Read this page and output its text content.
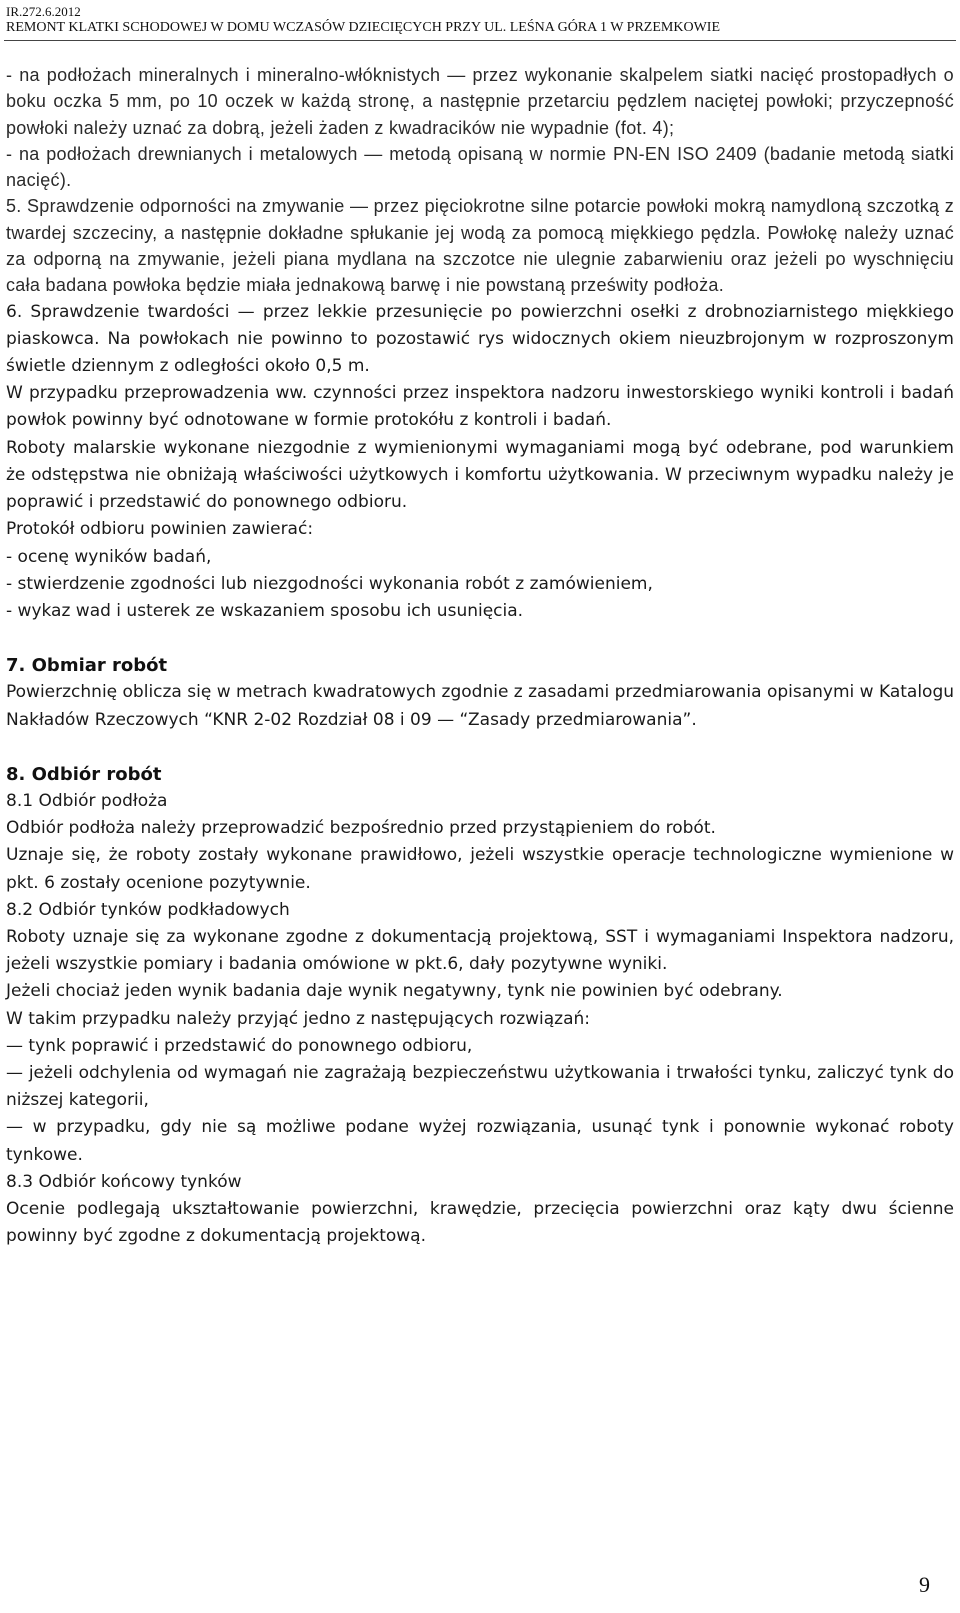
IR.272.6.2012
REMONT KLATKI SCHODOWEJ W DOMU WCZASÓW DZIECIĘCYCH PRZY UL. LEŚNA GÓRA 1 W PRZEMKOWIE

- na podłożach mineralnych i mineralno-włóknistych — przez wykonanie skalpelem siatki nacięć prostopadłych o boku oczka 5 mm, po 10 oczek w każdą stronę, a następnie przetarciu pędzlem naciętej powłoki; przyczepność powłoki należy uznać za dobrą, jeżeli żaden z kwadracików nie wypadnie (fot. 4);

- na podłożach drewnianych i metalowych — metodą opisaną w normie PN-EN ISO 2409 (badanie metodą siatki nacięć).

5. Sprawdzenie odporności na zmywanie — przez pięciokrotne silne potarcie powłoki mokrą namydloną szczotką z twardej szczeciny, a następnie dokładne spłukanie jej wodą za pomocą miękkiego pędzla. Powłokę należy uznać za odporną na zmywanie, jeżeli piana mydlana na szczotce nie ulegnie zabarwieniu oraz jeżeli po wyschnięciu cała badana powłoka będzie miała jednakową barwę i nie powstaną prześwity podłoża.

6. Sprawdzenie twardości — przez lekkie przesunięcie po powierzchni osełki z drobnoziarnistego miękkiego piaskowca. Na powłokach nie powinno to pozostawić rys widocznych okiem nieuzbrojonym w rozproszonym świetle dziennym z odległości około 0,5 m.

W przypadku przeprowadzenia ww. czynności przez inspektora nadzoru inwestorskiego wyniki kontroli i badań powłok powinny być odnotowane w formie protokółu z kontroli i badań.

Roboty malarskie wykonane niezgodnie z wymienionymi wymaganiami mogą być odebrane, pod warunkiem że odstępstwa nie obniżają właściwości użytkowych i komfortu użytkowania. W przeciwnym wypadku należy je poprawić i przedstawić do ponownego odbioru.

Protokół odbioru powinien zawierać:

- ocenę wyników badań,

- stwierdzenie zgodności lub niezgodności wykonania robót z zamówieniem,

- wykaz wad i usterek ze wskazaniem sposobu ich usunięcia.

7. Obmiar robót

Powierzchnię oblicza się w metrach kwadratowych zgodnie z zasadami przedmiarowania opisanymi w Katalogu Nakładów Rzeczowych “KNR 2-02 Rozdział 08 i 09 — “Zasady przedmiarowania”.

8. Odbiór robót

8.1 Odbiór podłoża

Odbiór podłoża należy przeprowadzić bezpośrednio przed przystąpieniem do robót.

Uznaje się, że roboty zostały wykonane prawidłowo, jeżeli wszystkie operacje technologiczne wymienione w pkt. 6 zostały ocenione pozytywnie.

8.2 Odbiór tynków podkładowych

Roboty uznaje się za wykonane zgodne z dokumentacją projektową, SST i wymaganiami Inspektora nadzoru, jeżeli wszystkie pomiary i badania omówione w pkt.6, dały pozytywne wyniki.

Jeżeli chociaż jeden wynik badania daje wynik negatywny, tynk nie powinien być odebrany.

W takim przypadku należy przyjąć jedno z następujących rozwiązań:

— tynk poprawić i przedstawić do ponownego odbioru,

— jeżeli odchylenia od wymagań nie zagrażają bezpieczeństwu użytkowania i trwałości tynku, zaliczyć tynk do niższej kategorii,

— w przypadku, gdy nie są możliwe podane wyżej rozwiązania, usunąć tynk i ponownie wykonać roboty tynkowe.

8.3 Odbiór końcowy tynków

Ocenie podlegają ukształtowanie powierzchni, krawędzie, przecięcia powierzchni oraz kąty dwu ścienne powinny być zgodne z dokumentacją projektową.

9
